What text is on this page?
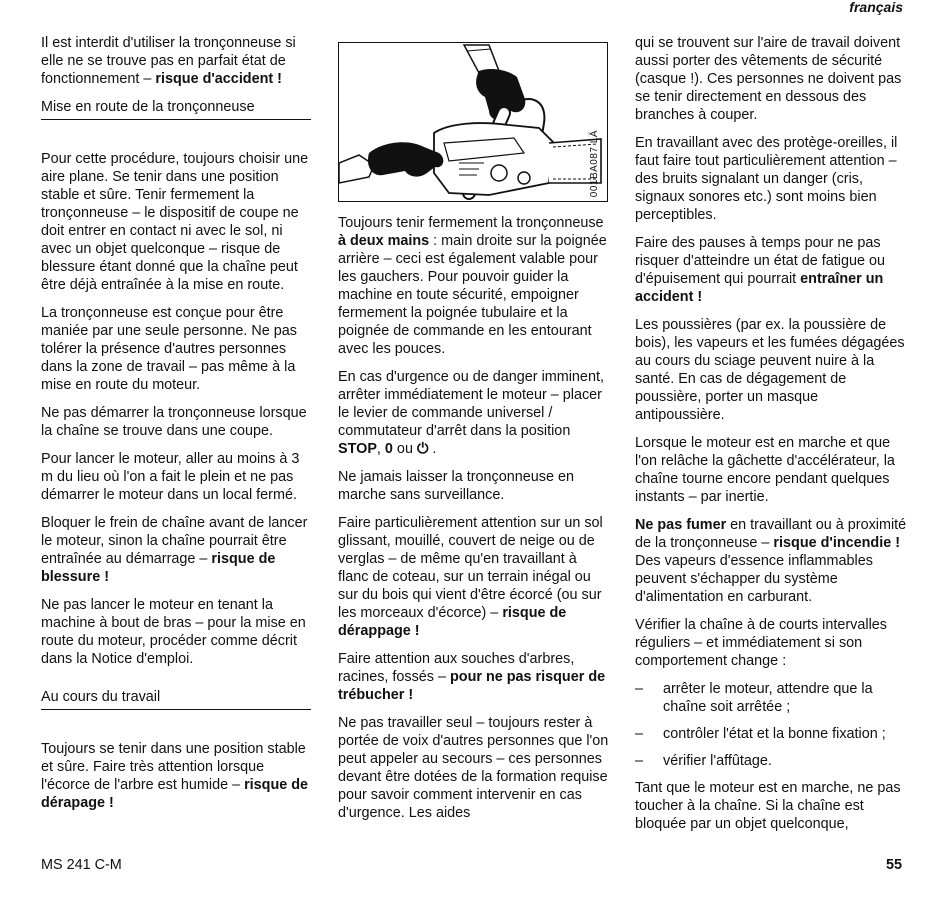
français

Il est interdit d'utiliser la tronçonneuse si elle ne se trouve pas en parfait état de fonctionnement – risque d'accident !

Mise en route de la tronçonneuse

Pour cette procédure, toujours choisir une aire plane. Se tenir dans une position stable et sûre. Tenir fermement la tronçonneuse – le dispositif de coupe ne doit entrer en contact ni avec le sol, ni avec un objet quelconque – risque de blessure étant donné que la chaîne peut être déjà entraînée à la mise en route.

La tronçonneuse est conçue pour être maniée par une seule personne. Ne pas tolérer la présence d'autres personnes dans la zone de travail – pas même à la mise en route du moteur.

Ne pas démarrer la tronçonneuse lorsque la chaîne se trouve dans une coupe.

Pour lancer le moteur, aller au moins à 3 m du lieu où l'on a fait le plein et ne pas démarrer le moteur dans un local fermé.

Bloquer le frein de chaîne avant de lancer le moteur, sinon la chaîne pourrait être entraînée au démarrage – risque de blessure !

Ne pas lancer le moteur en tenant la machine à bout de bras – pour la mise en route du moteur, procéder comme décrit dans la Notice d'emploi.

Au cours du travail

Toujours se tenir dans une position stable et sûre. Faire très attention lorsque l'écorce de l'arbre est humide – risque de dérapage !

001BA087 LÄ

Toujours tenir fermement la tronçonneuse à deux mains : main droite sur la poignée arrière – ceci est également valable pour les gauchers. Pour pouvoir guider la machine en toute sécurité, empoigner fermement la poignée tubulaire et la poignée de commande en les entourant avec les pouces.

En cas d'urgence ou de danger imminent, arrêter immédiatement le moteur – placer le levier de commande universel / commutateur d'arrêt dans la position STOP, 0 ou ⏻ .

Ne jamais laisser la tronçonneuse en marche sans surveillance.

Faire particulièrement attention sur un sol glissant, mouillé, couvert de neige ou de verglas – de même qu'en travaillant à flanc de coteau, sur un terrain inégal ou sur du bois qui vient d'être écorcé (ou sur les morceaux d'écorce) – risque de dérappage !

Faire attention aux souches d'arbres, racines, fossés – pour ne pas risquer de trébucher !

Ne pas travailler seul – toujours rester à portée de voix d'autres personnes que l'on peut appeler au secours – ces personnes devant être dotées de la formation requise pour savoir comment intervenir en cas d'urgence. Les aides

qui se trouvent sur l'aire de travail doivent aussi porter des vêtements de sécurité (casque !). Ces personnes ne doivent pas se tenir directement en dessous des branches à couper.

En travaillant avec des protège-oreilles, il faut faire tout particulièrement attention – des bruits signalant un danger (cris, signaux sonores etc.) sont moins bien perceptibles.

Faire des pauses à temps pour ne pas risquer d'atteindre un état de fatigue ou d'épuisement qui pourrait entraîner un accident !

Les poussières (par ex. la poussière de bois), les vapeurs et les fumées dégagées au cours du sciage peuvent nuire à la santé. En cas de dégagement de poussière, porter un masque antipoussière.

Lorsque le moteur est en marche et que l'on relâche la gâchette d'accélérateur, la chaîne tourne encore pendant quelques instants – par inertie.

Ne pas fumer en travaillant ou à proximité de la tronçonneuse – risque d'incendie ! Des vapeurs d'essence inflammables peuvent s'échapper du système d'alimentation en carburant.

Vérifier la chaîne à de courts intervalles réguliers – et immédiatement si son comportement change :

–	arrêter le moteur, attendre que la chaîne soit arrêtée ;
–	contrôler l'état et la bonne fixation ;
–	vérifier l'affûtage.

Tant que le moteur est en marche, ne pas toucher à la chaîne. Si la chaîne est bloquée par un objet quelconque,

MS 241 C-M	55
